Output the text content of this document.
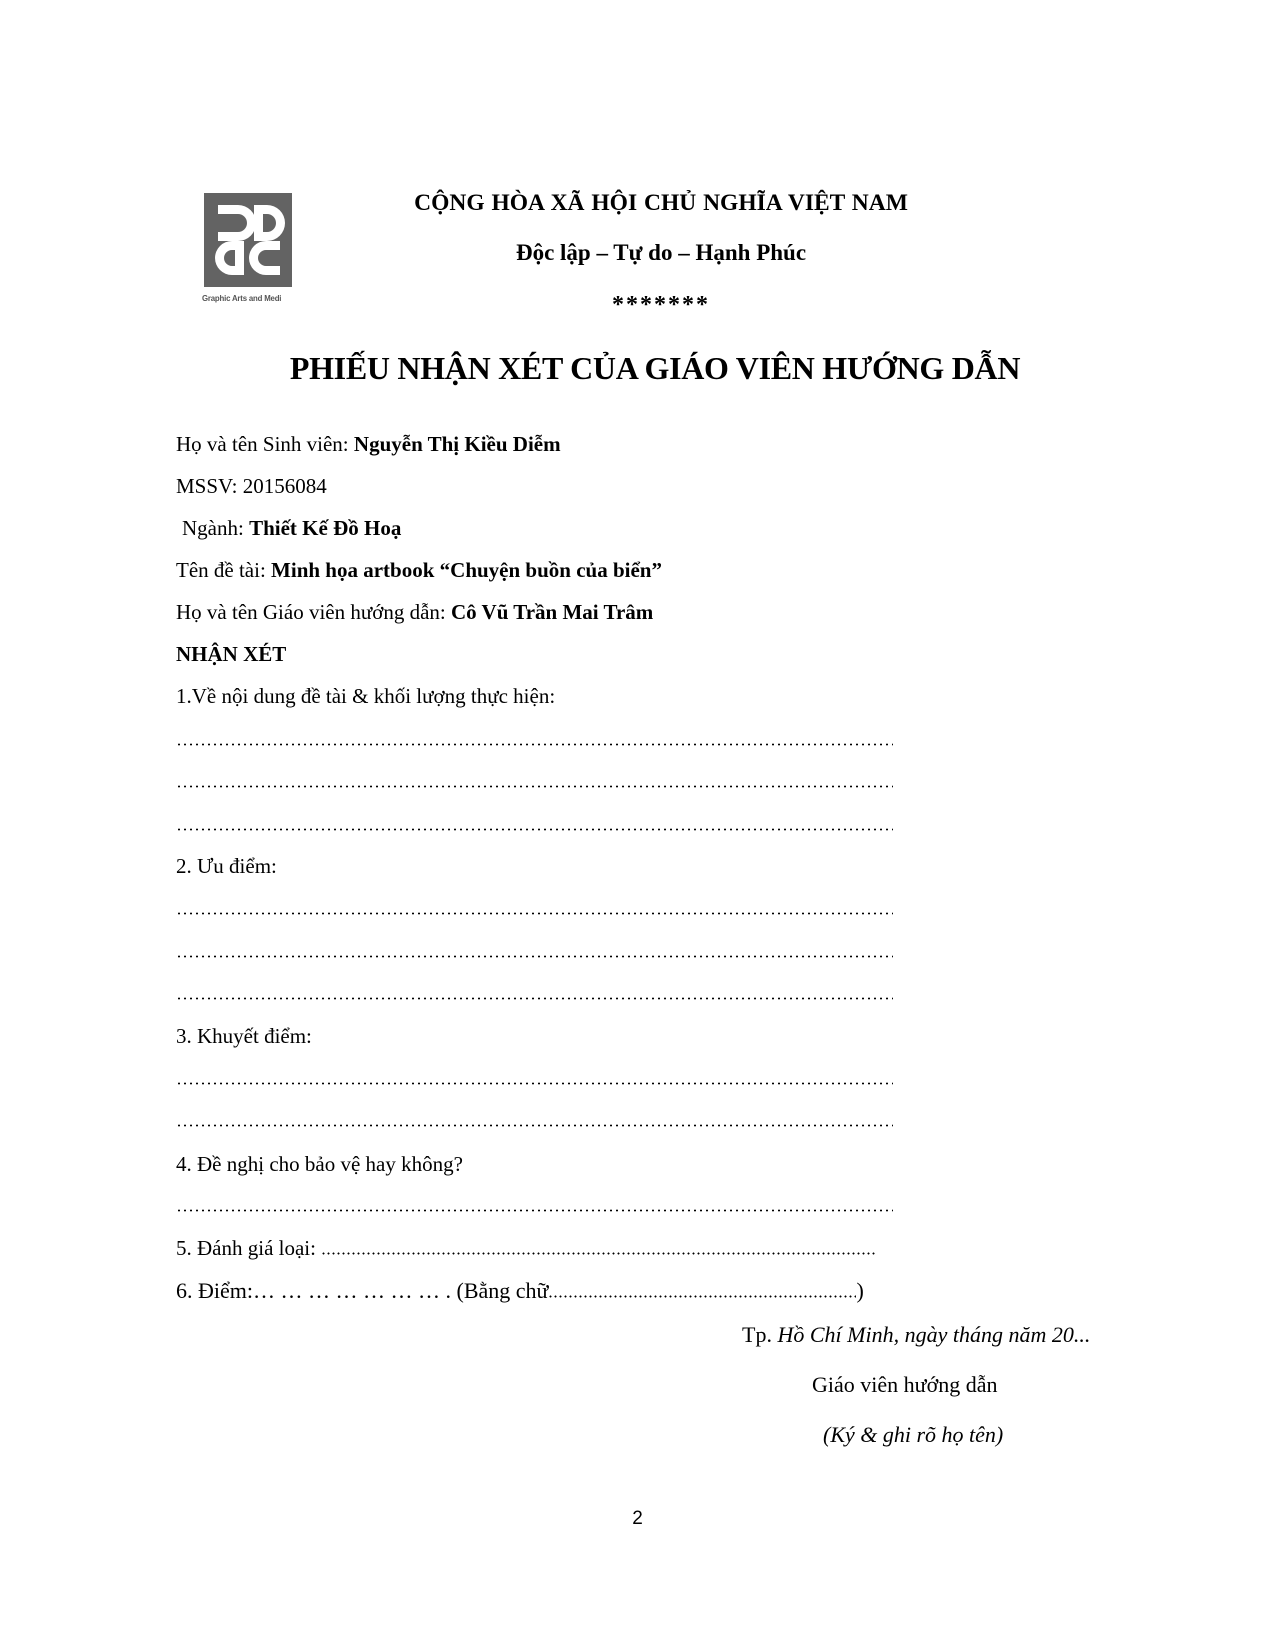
Graphic Arts and Medi
CỘNG HÒA XÃ HỘI CHỦ NGHĨA VIỆT NAM
Độc lập – Tự do – Hạnh Phúc
*******
PHIẾU NHẬN XÉT CỦA GIÁO VIÊN HƯỚNG DẪN
Họ và tên Sinh viên: Nguyễn Thị Kiều Diễm
MSSV: 20156084
Ngành: Thiết Kế Đồ Hoạ
Tên đề tài: Minh họa artbook “Chuyện buồn của biển”
Họ và tên Giáo viên hướng dẫn: Cô Vũ Trần Mai Trâm
NHẬN XÉT
1.Về nội dung đề tài & khối lượng thực hiện:
2. Ưu điểm:
3. Khuyết điểm:
4. Đề nghị cho bảo vệ hay không?
5. Đánh giá loại:
6. Điểm:… … … … … … … . (Bằng chữ	)
Tp. Hồ Chí Minh, ngày tháng năm 20...
Giáo viên hướng dẫn
(Ký & ghi rõ họ tên)
2
